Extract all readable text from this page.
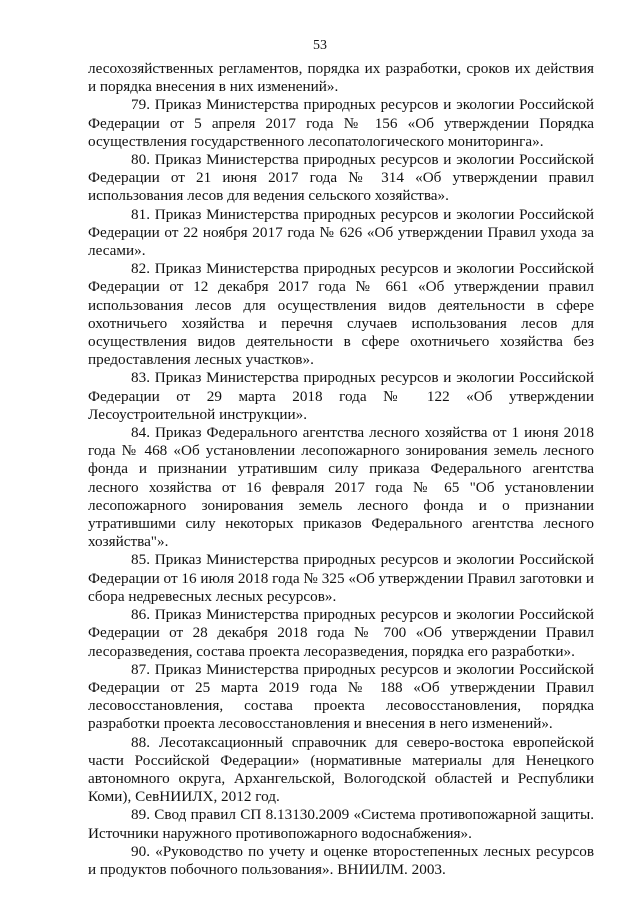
53

лесохозяйственных регламентов, порядка их разработки, сроков их действия и порядка внесения в них изменений».

79. Приказ Министерства природных ресурсов и экологии Российской Федерации от 5 апреля 2017 года № 156 «Об утверждении Порядка осуществления государственного лесопатологического мониторинга».

80. Приказ Министерства природных ресурсов и экологии Российской Федерации от 21 июня 2017 года № 314 «Об утверждении правил использования лесов для ведения сельского хозяйства».

81. Приказ Министерства природных ресурсов и экологии Российской Федерации от 22 ноября 2017 года № 626 «Об утверждении Правил ухода за лесами».

82. Приказ Министерства природных ресурсов и экологии Российской Федерации от 12 декабря 2017 года № 661 «Об утверждении правил использования лесов для осуществления видов деятельности в сфере охотничьего хозяйства и перечня случаев использования лесов для осуществления видов деятельности в сфере охотничьего хозяйства без предоставления лесных участков».

83. Приказ Министерства природных ресурсов и экологии Российской Федерации от 29 марта 2018 года № 122 «Об утверждении Лесоустроительной инструкции».

84. Приказ Федерального агентства лесного хозяйства от 1 июня 2018 года № 468 «Об установлении лесопожарного зонирования земель лесного фонда и признании утратившим силу приказа Федерального агентства лесного хозяйства от 16 февраля 2017 года № 65 "Об установлении лесопожарного зонирования земель лесного фонда и о признании утратившими силу некоторых приказов Федерального агентства лесного хозяйства"».

85. Приказ Министерства природных ресурсов и экологии Российской Федерации от 16 июля 2018 года № 325 «Об утверждении Правил заготовки и сбора недревесных лесных ресурсов».

86. Приказ Министерства природных ресурсов и экологии Российской Федерации от 28 декабря 2018 года № 700 «Об утверждении Правил лесоразведения, состава проекта лесоразведения, порядка его разработки».

87. Приказ Министерства природных ресурсов и экологии Российской Федерации от 25 марта 2019 года № 188 «Об утверждении Правил лесовосстановления, состава проекта лесовосстановления, порядка разработки проекта лесовосстановления и внесения в него изменений».

88. Лесотаксационный справочник для северо-востока европейской части Российской Федерации» (нормативные материалы для Ненецкого автономного округа, Архангельской, Вологодской областей и Республики Коми), СевНИИЛХ, 2012 год.

89. Свод правил СП 8.13130.2009 «Система противопожарной защиты. Источники наружного противопожарного водоснабжения».

90. «Руководство по учету и оценке второстепенных лесных ресурсов и продуктов побочного пользования». ВНИИЛМ. 2003.
